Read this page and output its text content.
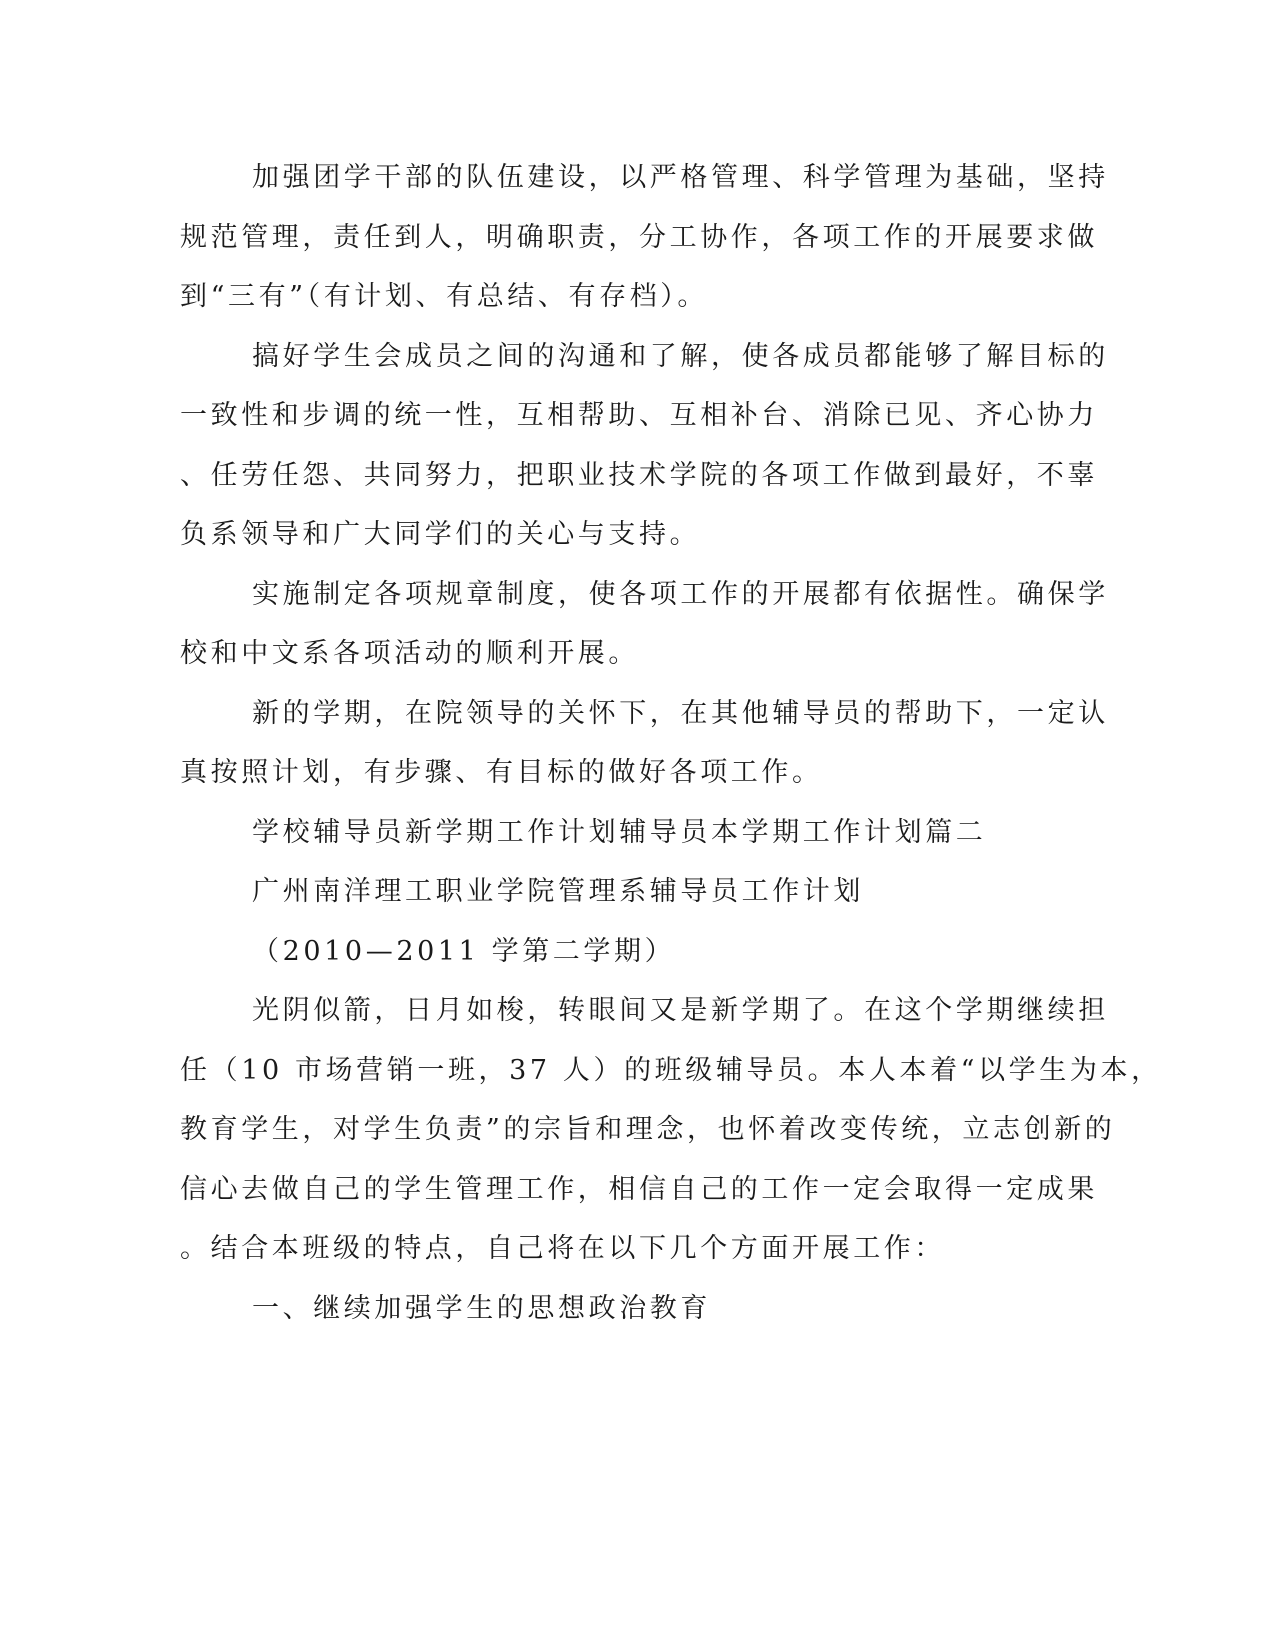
加强团学干部的队伍建设，以严格管理、科学管理为基础，坚持
规范管理，责任到人，明确职责，分工协作，各项工作的开展要求做
到“三有”（有计划、有总结、有存档）。
搞好学生会成员之间的沟通和了解，使各成员都能够了解目标的
一致性和步调的统一性，互相帮助、互相补台、消除已见、齐心协力
、任劳任怨、共同努力，把职业技术学院的各项工作做到最好，不辜
负系领导和广大同学们的关心与支持。
实施制定各项规章制度，使各项工作的开展都有依据性。确保学
校和中文系各项活动的顺利开展。
新的学期，在院领导的关怀下，在其他辅导员的帮助下，一定认
真按照计划，有步骤、有目标的做好各项工作。
学校辅导员新学期工作计划辅导员本学期工作计划篇二
广州南洋理工职业学院管理系辅导员工作计划
（2010—2011 学第二学期）
光阴似箭，日月如梭，转眼间又是新学期了。在这个学期继续担
任（10 市场营销一班，37 人）的班级辅导员。本人本着“以学生为本，
教育学生，对学生负责”的宗旨和理念，也怀着改变传统，立志创新的
信心去做自己的学生管理工作，相信自己的工作一定会取得一定成果
。结合本班级的特点，自己将在以下几个方面开展工作：
一、继续加强学生的思想政治教育
